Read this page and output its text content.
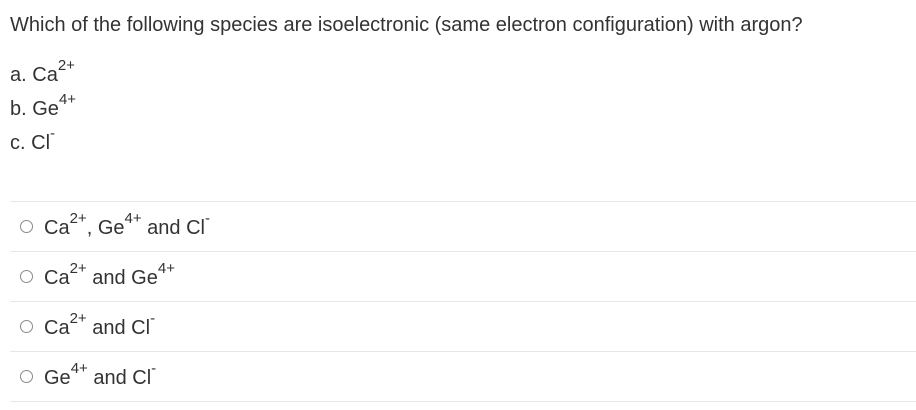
Which of the following species are isoelectronic (same electron configuration) with argon?
a. $Ca^{2+}$
b. $Ge^{4+}$
c. Cl-
$Ca^{2+}$, $Ge^{4+}$ and Cl-
$Ca^{2+}$ and $Ge^{4+}$
$Ca^{2+}$ and Cl-
$Ge^{4+}$ and Cl-
